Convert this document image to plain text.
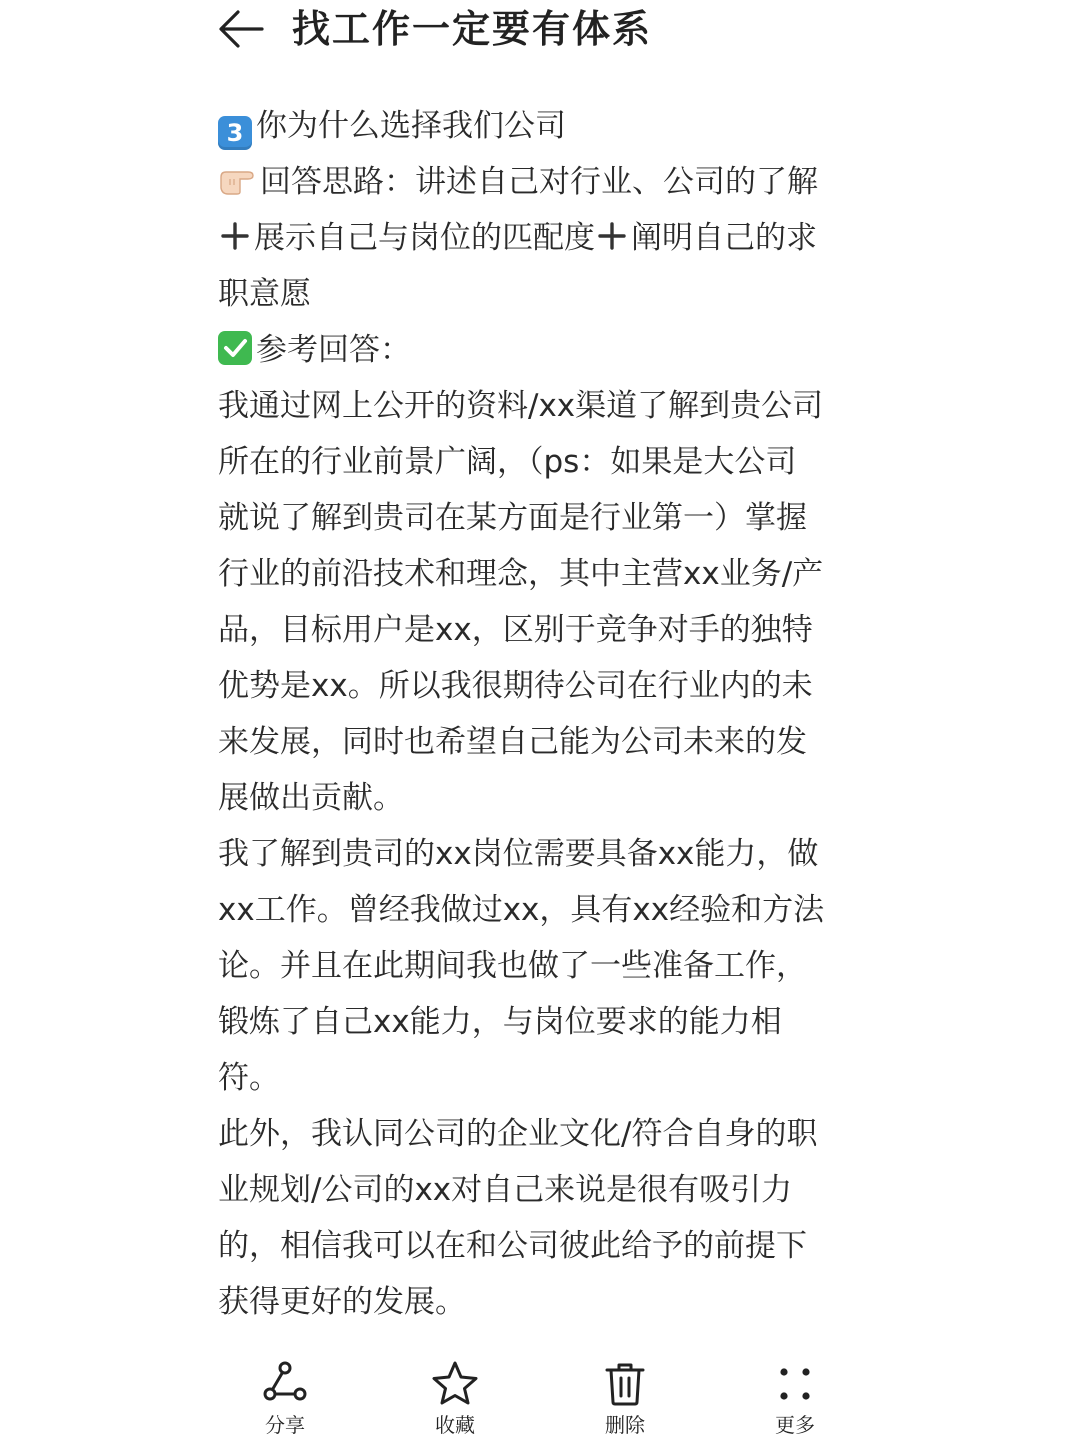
找工作一定要有体系
3 你为什么选择我们公司
回答思路：讲述自己对行业、公司的了解
展示自己与岗位的匹配度 阐明自己的求
职意愿
参考回答：
我通过网上公开的资料/xx渠道了解到贵公司
所在的行业前景广阔，（ps：如果是大公司
就说了解到贵司在某方面是行业第一）掌握
行业的前沿技术和理念，其中主营xx业务/产
品，目标用户是xx，区别于竞争对手的独特
优势是xx。所以我很期待公司在行业内的未
来发展，同时也希望自己能为公司未来的发
展做出贡献。
我了解到贵司的xx岗位需要具备xx能力，做
xx工作。曾经我做过xx，具有xx经验和方法
论。并且在此期间我也做了一些准备工作，
锻炼了自己xx能力，与岗位要求的能力相
符。
此外，我认同公司的企业文化/符合自身的职
业规划/公司的xx对自己来说是很有吸引力
的，相信我可以在和公司彼此给予的前提下
获得更好的发展。
分享	收藏	删除	更多
